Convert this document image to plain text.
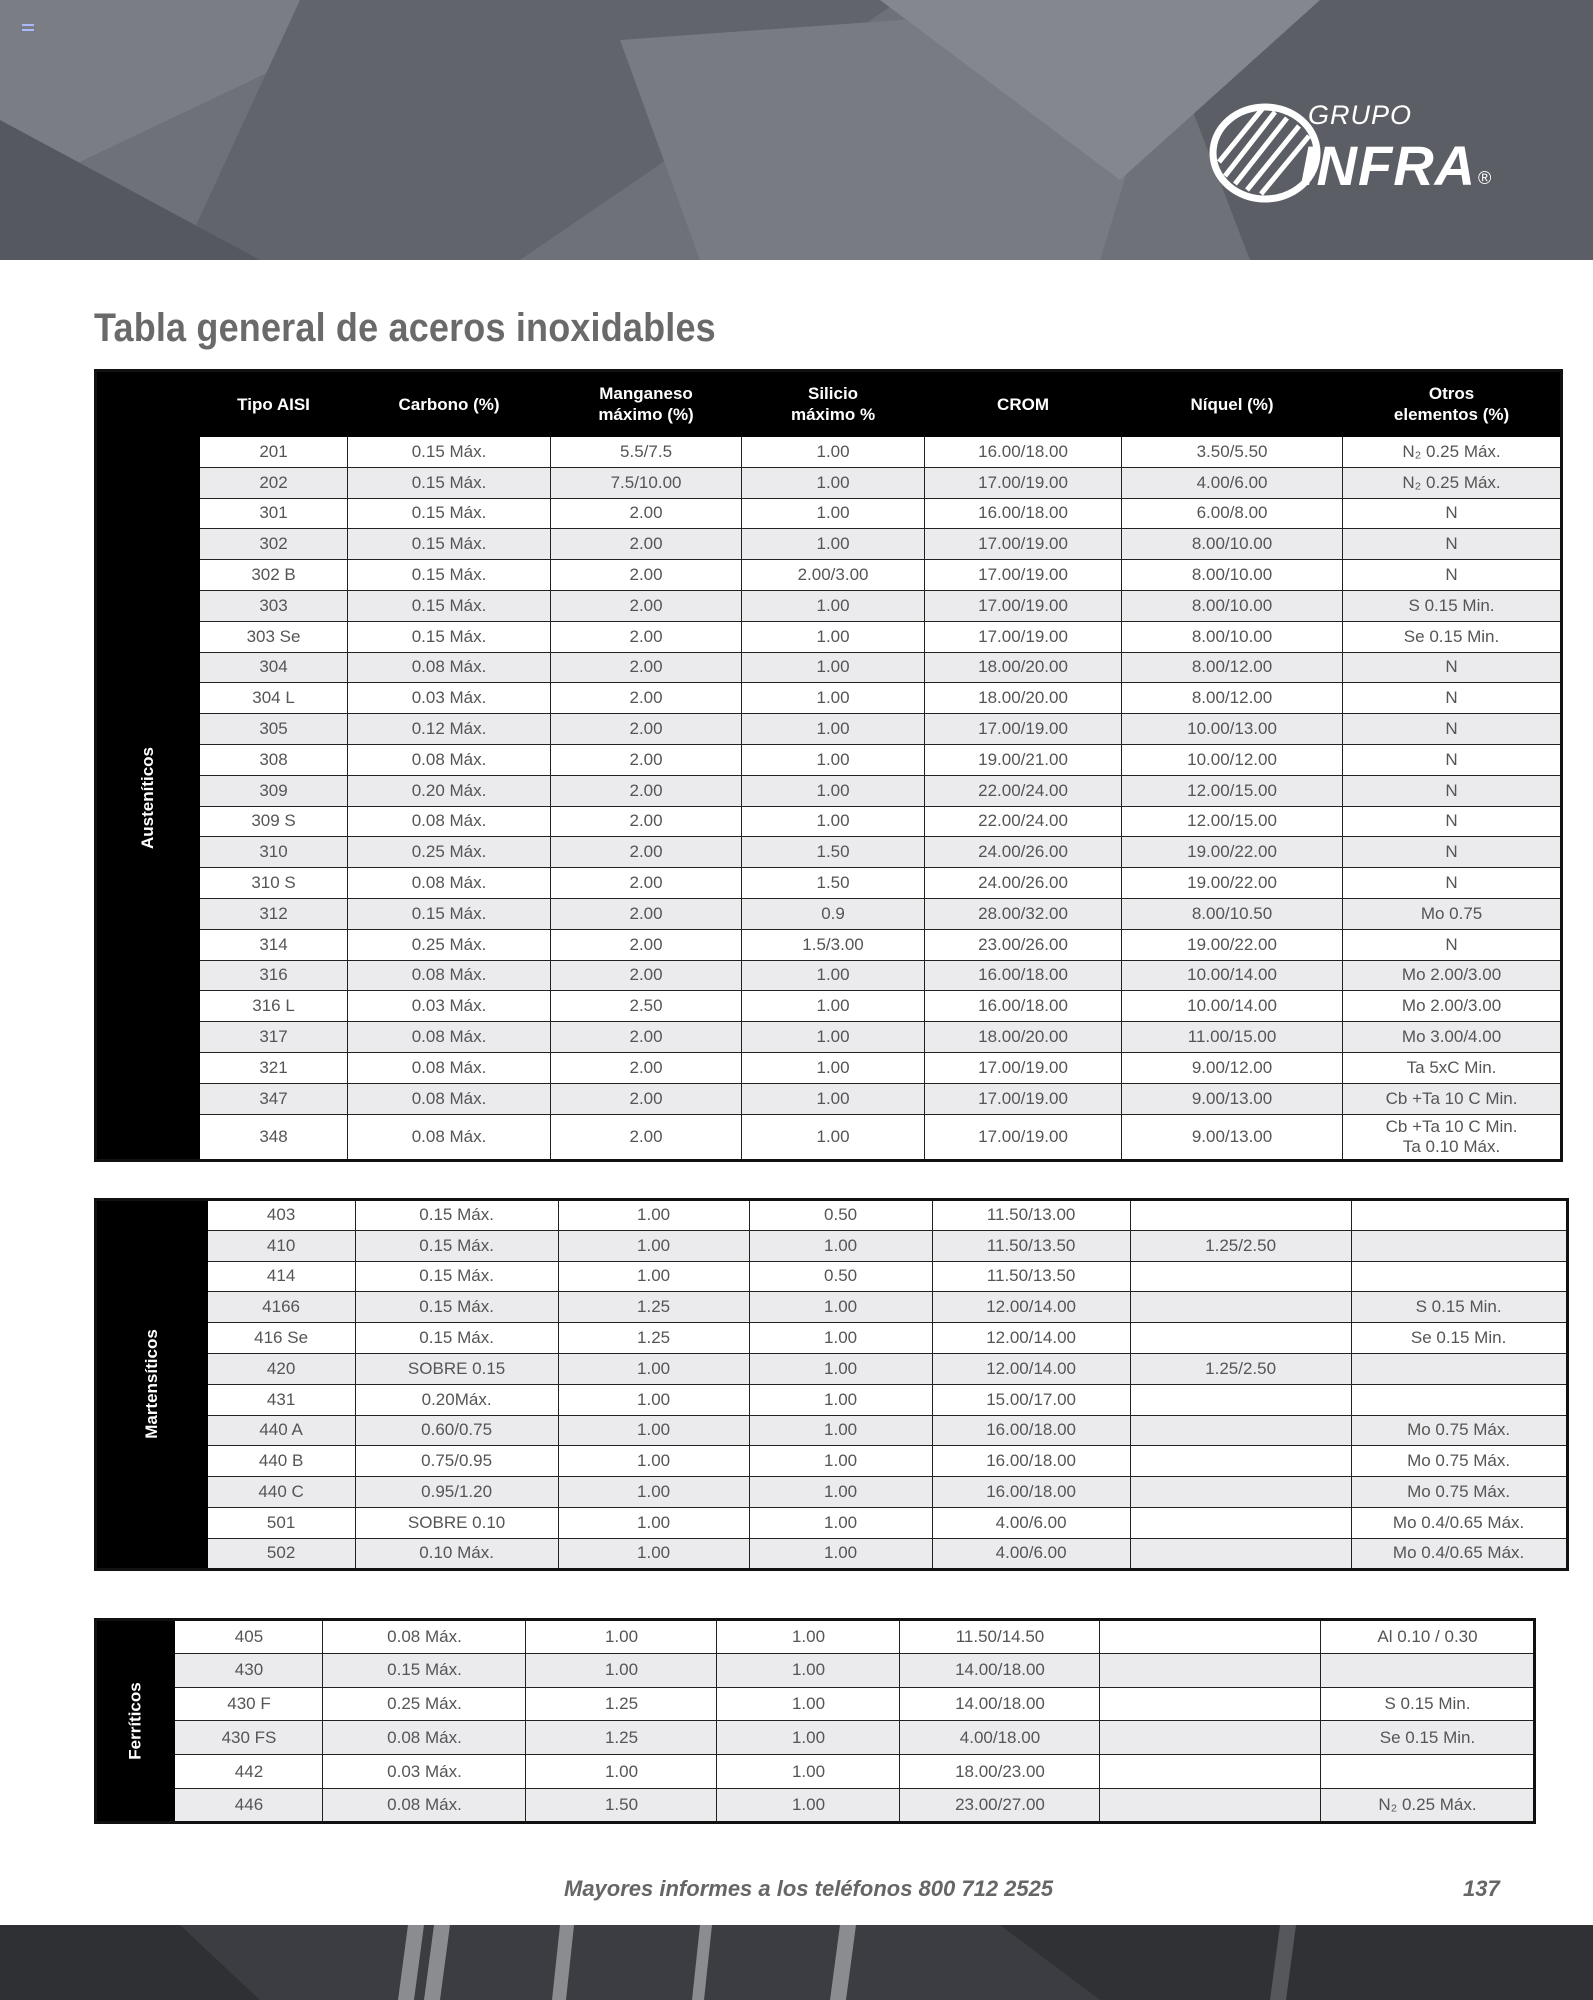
GRUPO
INFRA ®
Tabla general de aceros inoxidables
	Tipo AISI	Carbono (%)	Manganeso máximo (%)	Silicio máximo %	CROM	Níquel (%)	Otros elementos (%)

Austeníticos	201	0.15 Máx.	5.5/7.5	1.00	16.00/18.00	3.50/5.50	N₂ 0.25 Máx.
	202	0.15 Máx.	7.5/10.00	1.00	17.00/19.00	4.00/6.00	N₂ 0.25 Máx.
	301	0.15 Máx.	2.00	1.00	16.00/18.00	6.00/8.00	N
	302	0.15 Máx.	2.00	1.00	17.00/19.00	8.00/10.00	N
	302 B	0.15 Máx.	2.00	2.00/3.00	17.00/19.00	8.00/10.00	N
	303	0.15 Máx.	2.00	1.00	17.00/19.00	8.00/10.00	S 0.15 Min.
	303 Se	0.15 Máx.	2.00	1.00	17.00/19.00	8.00/10.00	Se 0.15 Min.
	304	0.08 Máx.	2.00	1.00	18.00/20.00	8.00/12.00	N
	304 L	0.03 Máx.	2.00	1.00	18.00/20.00	8.00/12.00	N
	305	0.12 Máx.	2.00	1.00	17.00/19.00	10.00/13.00	N
	308	0.08 Máx.	2.00	1.00	19.00/21.00	10.00/12.00	N
	309	0.20 Máx.	2.00	1.00	22.00/24.00	12.00/15.00	N
	309 S	0.08 Máx.	2.00	1.00	22.00/24.00	12.00/15.00	N
	310	0.25 Máx.	2.00	1.50	24.00/26.00	19.00/22.00	N
	310 S	0.08 Máx.	2.00	1.50	24.00/26.00	19.00/22.00	N
	312	0.15 Máx.	2.00	0.9	28.00/32.00	8.00/10.50	Mo 0.75
	314	0.25 Máx.	2.00	1.5/3.00	23.00/26.00	19.00/22.00	N
	316	0.08 Máx.	2.00	1.00	16.00/18.00	10.00/14.00	Mo 2.00/3.00
	316 L	0.03 Máx.	2.50	1.00	16.00/18.00	10.00/14.00	Mo 2.00/3.00
	317	0.08 Máx.	2.00	1.00	18.00/20.00	11.00/15.00	Mo 3.00/4.00
	321	0.08 Máx.	2.00	1.00	17.00/19.00	9.00/12.00	Ta 5xC Min.
	347	0.08 Máx.	2.00	1.00	17.00/19.00	9.00/13.00	Cb +Ta 10 C Min.
	348	0.08 Máx.	2.00	1.00	17.00/19.00	9.00/13.00	Cb +Ta 10 C Min.
Ta 0.10 Máx.
Martensíticos	403	0.15 Máx.	1.00	0.50	11.50/13.00		
	410	0.15 Máx.	1.00	1.00	11.50/13.50	1.25/2.50	
	414	0.15 Máx.	1.00	0.50	11.50/13.50		
	4166	0.15 Máx.	1.25	1.00	12.00/14.00		S 0.15 Min.
	416 Se	0.15 Máx.	1.25	1.00	12.00/14.00		Se 0.15 Min.
	420	SOBRE 0.15	1.00	1.00	12.00/14.00	1.25/2.50	
	431	0.20Máx.	1.00	1.00	15.00/17.00		
	440 A	0.60/0.75	1.00	1.00	16.00/18.00		Mo 0.75 Máx.
	440 B	0.75/0.95	1.00	1.00	16.00/18.00		Mo 0.75 Máx.
	440 C	0.95/1.20	1.00	1.00	16.00/18.00		Mo 0.75 Máx.
	501	SOBRE 0.10	1.00	1.00	4.00/6.00		Mo 0.4/0.65 Máx.
	502	0.10 Máx.	1.00	1.00	4.00/6.00		Mo 0.4/0.65 Máx.
Ferríticos	405	0.08 Máx.	1.00	1.00	11.50/14.50		Al 0.10 / 0.30
	430	0.15 Máx.	1.00	1.00	14.00/18.00		
	430 F	0.25 Máx.	1.25	1.00	14.00/18.00		S 0.15 Min.
	430 FS	0.08 Máx.	1.25	1.00	4.00/18.00		Se 0.15 Min.
	442	0.03 Máx.	1.00	1.00	18.00/23.00		
	446	0.08 Máx.	1.50	1.00	23.00/27.00		N₂ 0.25 Máx.
Mayores informes a los teléfonos 800 712 2525	137
